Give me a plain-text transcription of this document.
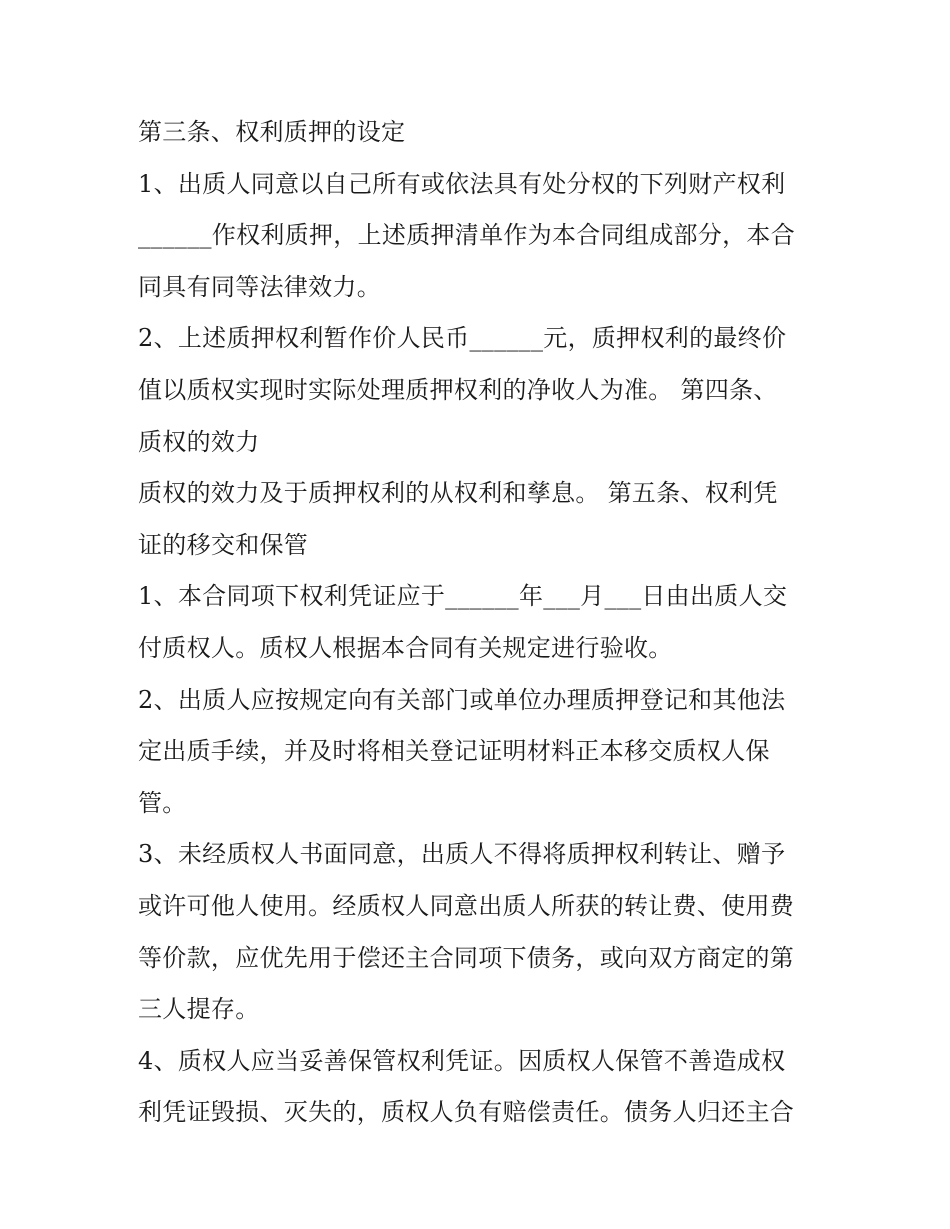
第三条、权利质押的设定
1、出质人同意以自己所有或依法具有处分权的下列财产权利
______作权利质押，上述质押清单作为本合同组成部分，本合
同具有同等法律效力。
2、上述质押权利暂作价人民币______元，质押权利的最终价
值以质权实现时实际处理质押权利的净收人为准。 第四条、
质权的效力
质权的效力及于质押权利的从权利和孳息。 第五条、权利凭
证的移交和保管
1、本合同项下权利凭证应于______年___月___日由出质人交
付质权人。质权人根据本合同有关规定进行验收。
2、出质人应按规定向有关部门或单位办理质押登记和其他法
定出质手续，并及时将相关登记证明材料正本移交质权人保
管。
3、未经质权人书面同意，出质人不得将质押权利转让、赠予
或许可他人使用。经质权人同意出质人所获的转让费、使用费
等价款，应优先用于偿还主合同项下债务，或向双方商定的第
三人提存。
4、质权人应当妥善保管权利凭证。因质权人保管不善造成权
利凭证毁损、灭失的，质权人负有赔偿责任。债务人归还主合
